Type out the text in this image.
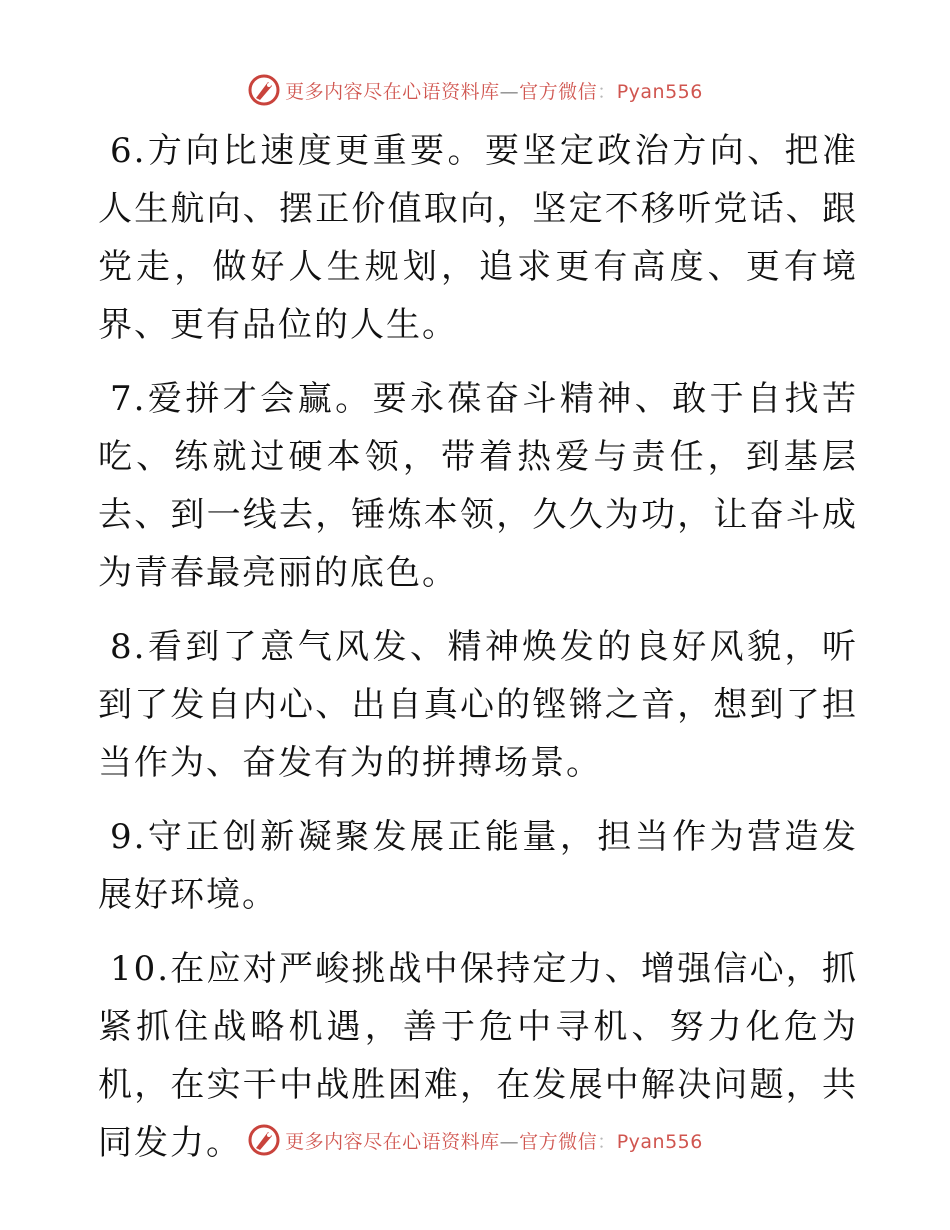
更多内容尽在心语资料库—官方微信：Pyan556

6.方向比速度更重要。要坚定政治方向、把准人生航向、摆正价值取向，坚定不移听党话、跟党走，做好人生规划，追求更有高度、更有境界、更有品位的人生。

7.爱拼才会赢。要永葆奋斗精神、敢于自找苦吃、练就过硬本领，带着热爱与责任，到基层去、到一线去，锤炼本领，久久为功，让奋斗成为青春最亮丽的底色。

8.看到了意气风发、精神焕发的良好风貌，听到了发自内心、出自真心的铿锵之音，想到了担当作为、奋发有为的拼搏场景。

9.守正创新凝聚发展正能量，担当作为营造发展好环境。

10.在应对严峻挑战中保持定力、增强信心，抓紧抓住战略机遇，善于危中寻机、努力化危为机，在实干中战胜困难，在发展中解决问题，共同发力。	更多内容尽在心语资料库—官方微信：Pyan556
